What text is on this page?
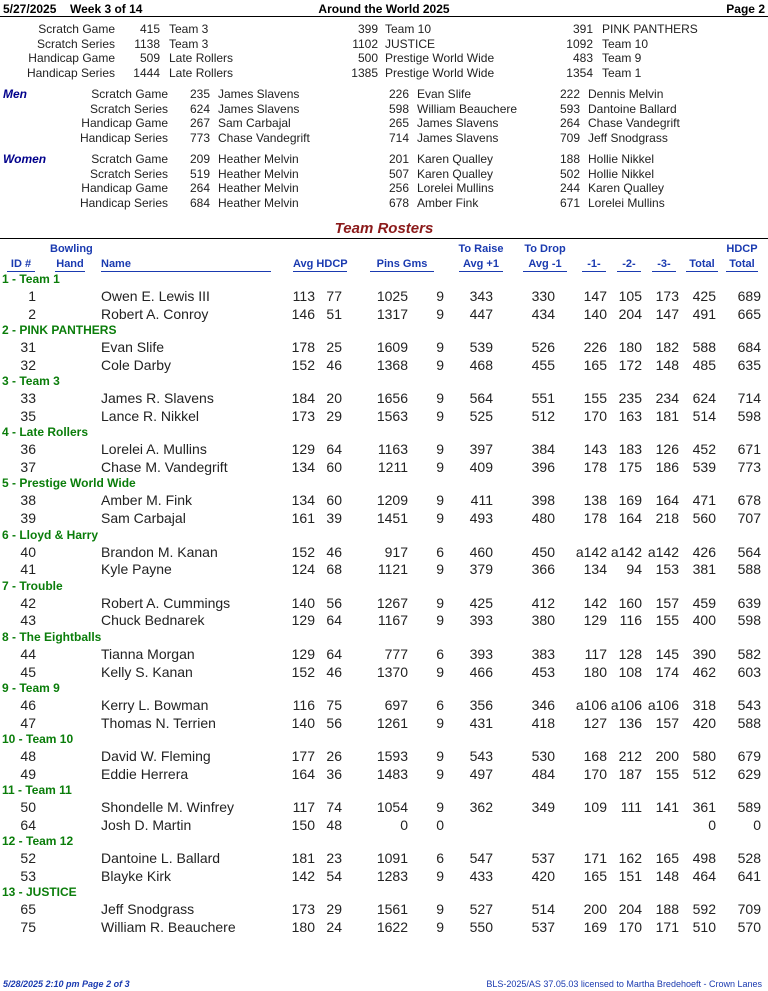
5/27/2025 Week 3 of 14	Around the World 2025	Page 2
Scratch Game 415 Team 3	399 Team 10	391 PINK PANTHERS
Scratch Series 1138 Team 3	1102 JUSTICE	1092 Team 10
Handicap Game 509 Late Rollers	500 Prestige World Wide	483 Team 9
Handicap Series 1444 Late Rollers	1385 Prestige World Wide	1354 Team 1
Scratch Game 235 James Slavens	226 Evan Slife	222 Dennis Melvin
Scratch Series 624 James Slavens	598 William Beauchere	593 Dantoine Ballard
Handicap Game 267 Sam Carbajal	265 James Slavens	264 Chase Vandegrift
Handicap Series 773 Chase Vandegrift	714 James Slavens	709 Jeff Snodgrass
Scratch Game 209 Heather Melvin	201 Karen Qualley	188 Hollie Nikkel
Scratch Series 519 Heather Melvin	507 Karen Qualley	502 Hollie Nikkel
Handicap Game 264 Heather Melvin	256 Lorelei Mullins	244 Karen Qualley
Handicap Series 684 Heather Melvin	678 Amber Fink	671 Lorelei Mullins
Men
Women
Team Rosters
Bowling
ID #	Hand Name	Avg HDCP	Pins Gms
To Raise
Avg +1
To Drop
Avg -1	-1-	-2-	-3-	Total
HDCP
Total
1 - Team 1
1	Owen E. Lewis III	113 77 1025 9 343	330 147 105 173 425 689
2	Robert A. Conroy	146 51 1317 9 447	434 140 204 147 491 665
2 - PINK PANTHERS
31	Evan Slife	178 25 1609 9 539	526 226 180 182 588 684
32	Cole Darby	152 46 1368 9 468	455 165 172 148 485 635
3 - Team 3
33	James R. Slavens	184 20 1656 9 564	551 155 235 234 624 714
35	Lance R. Nikkel	173 29 1563 9 525	512 170 163 181 514 598
4 - Late Rollers
36	Lorelei A. Mullins	129 64	1163 9 397	384 143 183 126 452 671
37	Chase M. Vandegrift	134 60	1211 9 409	396 178 175 186 539 773
5 - Prestige World Wide
38	Amber M. Fink	134 60 1209 9 411	398 138 169 164 471 678
39	Sam Carbajal	161 39 1451 9 493	480 178 164 218 560 707
6 - Lloyd & Harry
40	Brandon M. Kanan	152 46	917 6 460	450 a142 a142 a142 426 564
41	Kyle Payne	124 68	1121 9 379	366 134 94 153 381 588
7 - Trouble
42	Robert A. Cummings	140 56 1267 9 425	412 142 160 157 459 639
43	Chuck Bednarek	129 64	1167 9 393	380 129 116 155 400 598
8 - The Eightballs
44	Tianna Morgan	129 64	777 6 393	383 117 128 145 390 582
45	Kelly S. Kanan	152 46 1370 9 466	453 180 108 174 462 603
9 - Team 9
46	Kerry L. Bowman	116 75	697 6 356	346 a106 a106 a106 318 543
47	Thomas N. Terrien	140 56 1261 9 431	418 127 136 157 420 588
10 - Team 10
48	David W. Fleming	177 26 1593 9 543	530 168 212 200 580 679
49	Eddie Herrera	164 36 1483 9 497	484 170 187 155 512 629
11 - Team 11
50	Shondelle M. Winfrey	117 74 1054 9 362	349 109 111 141 361 589
64	Josh D. Martin	150 48	0 0	0	0
12 - Team 12
52	Dantoine L. Ballard	181 23 1091 6 547	537 171 162 165 498 528
53	Blayke Kirk	142 54 1283 9 433	420 165 151 148 464 641
13 - JUSTICE
65	Jeff Snodgrass	173 29 1561 9 527	514 200 204 188 592 709
75	William R. Beauchere	180 24 1622 9 550	537 169 170 171 510 570
5/28/2025 2:10 pm Page 2 of 3	BLS-2025/AS 37.05.03 licensed to Martha Bredehoeft - Crown Lanes
